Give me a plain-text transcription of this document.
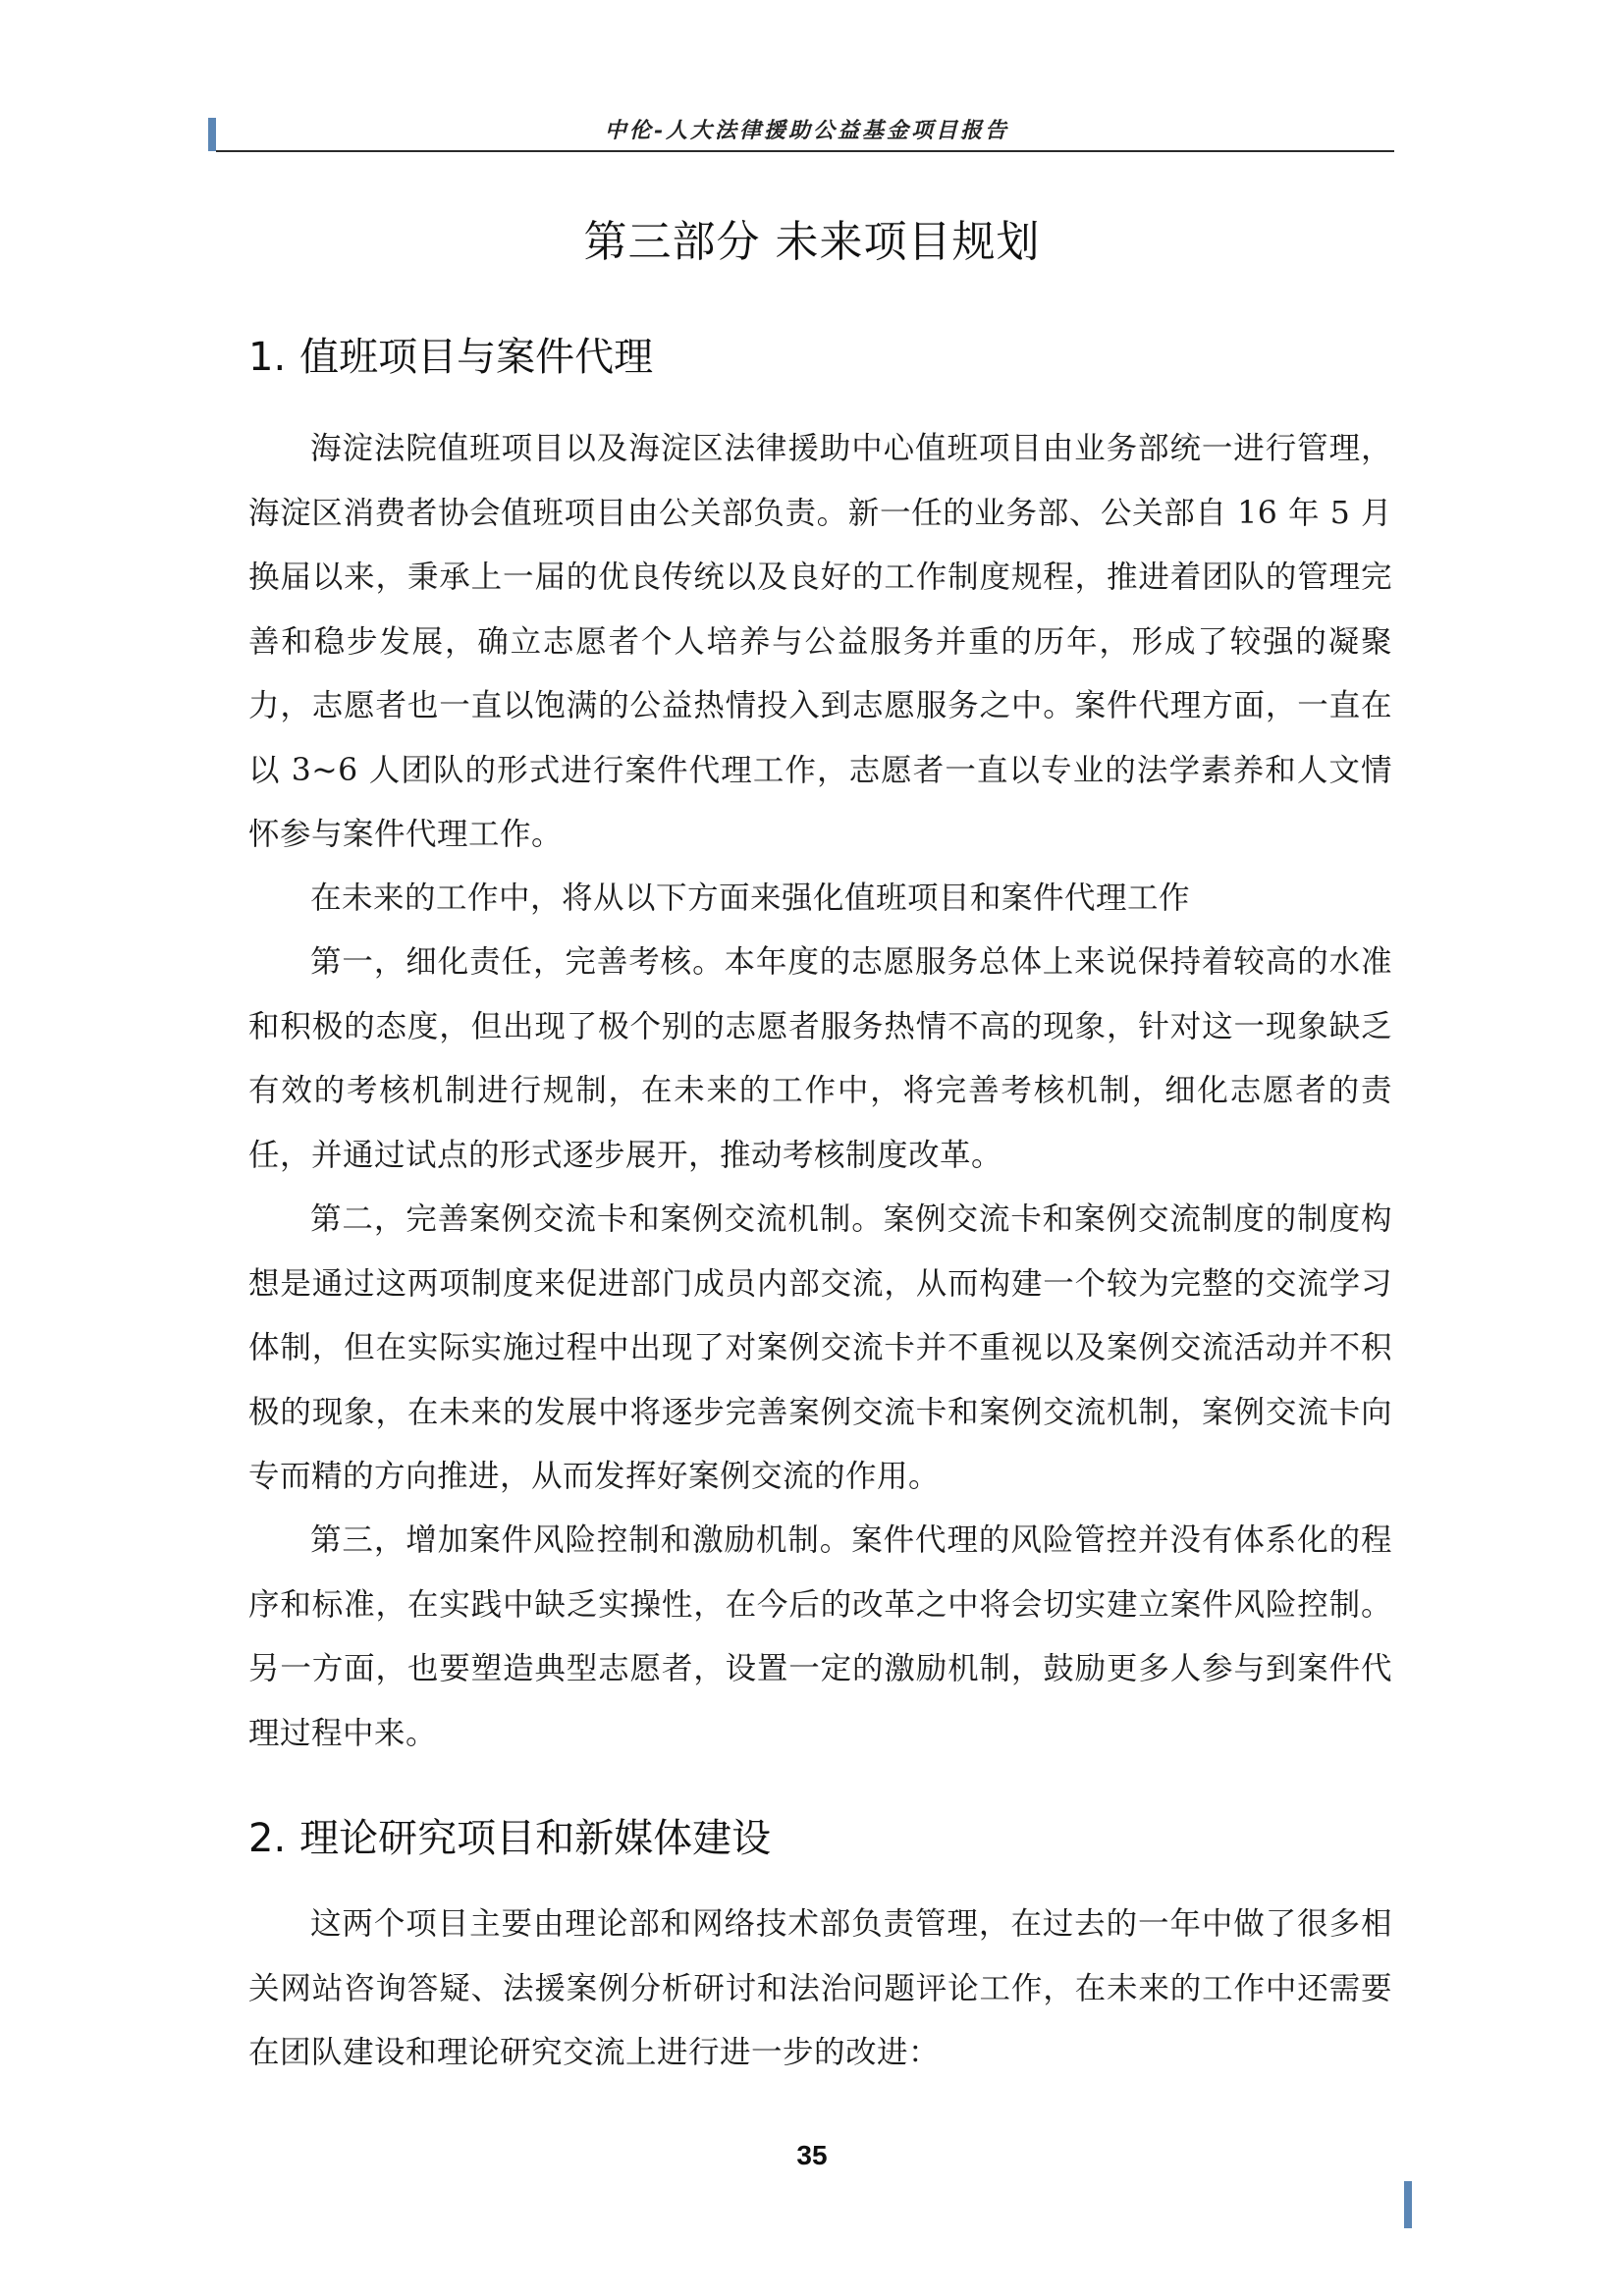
中伦-人大法律援助公益基金项目报告
第三部分 未来项目规划
1. 值班项目与案件代理

海淀法院值班项目以及海淀区法律援助中心值班项目由业务部统一进行管理，海淀区消费者协会值班项目由公关部负责。新一任的业务部、公关部自 16 年 5 月换届以来，秉承上一届的优良传统以及良好的工作制度规程，推进着团队的管理完善和稳步发展，确立志愿者个人培养与公益服务并重的历年，形成了较强的凝聚力，志愿者也一直以饱满的公益热情投入到志愿服务之中。案件代理方面，一直在以 3~6 人团队的形式进行案件代理工作，志愿者一直以专业的法学素养和人文情怀参与案件代理工作。

在未来的工作中，将从以下方面来强化值班项目和案件代理工作

第一，细化责任，完善考核。本年度的志愿服务总体上来说保持着较高的水准和积极的态度，但出现了极个别的志愿者服务热情不高的现象，针对这一现象缺乏有效的考核机制进行规制，在未来的工作中，将完善考核机制，细化志愿者的责任，并通过试点的形式逐步展开，推动考核制度改革。

第二，完善案例交流卡和案例交流机制。案例交流卡和案例交流制度的制度构想是通过这两项制度来促进部门成员内部交流，从而构建一个较为完整的交流学习体制，但在实际实施过程中出现了对案例交流卡并不重视以及案例交流活动并不积极的现象，在未来的发展中将逐步完善案例交流卡和案例交流机制，案例交流卡向专而精的方向推进，从而发挥好案例交流的作用。

第三，增加案件风险控制和激励机制。案件代理的风险管控并没有体系化的程序和标准，在实践中缺乏实操性，在今后的改革之中将会切实建立案件风险控制。另一方面，也要塑造典型志愿者，设置一定的激励机制，鼓励更多人参与到案件代理过程中来。

2. 理论研究项目和新媒体建设

这两个项目主要由理论部和网络技术部负责管理，在过去的一年中做了很多相关网站咨询答疑、法援案例分析研讨和法治问题评论工作，在未来的工作中还需要在团队建设和理论研究交流上进行进一步的改进：

35
